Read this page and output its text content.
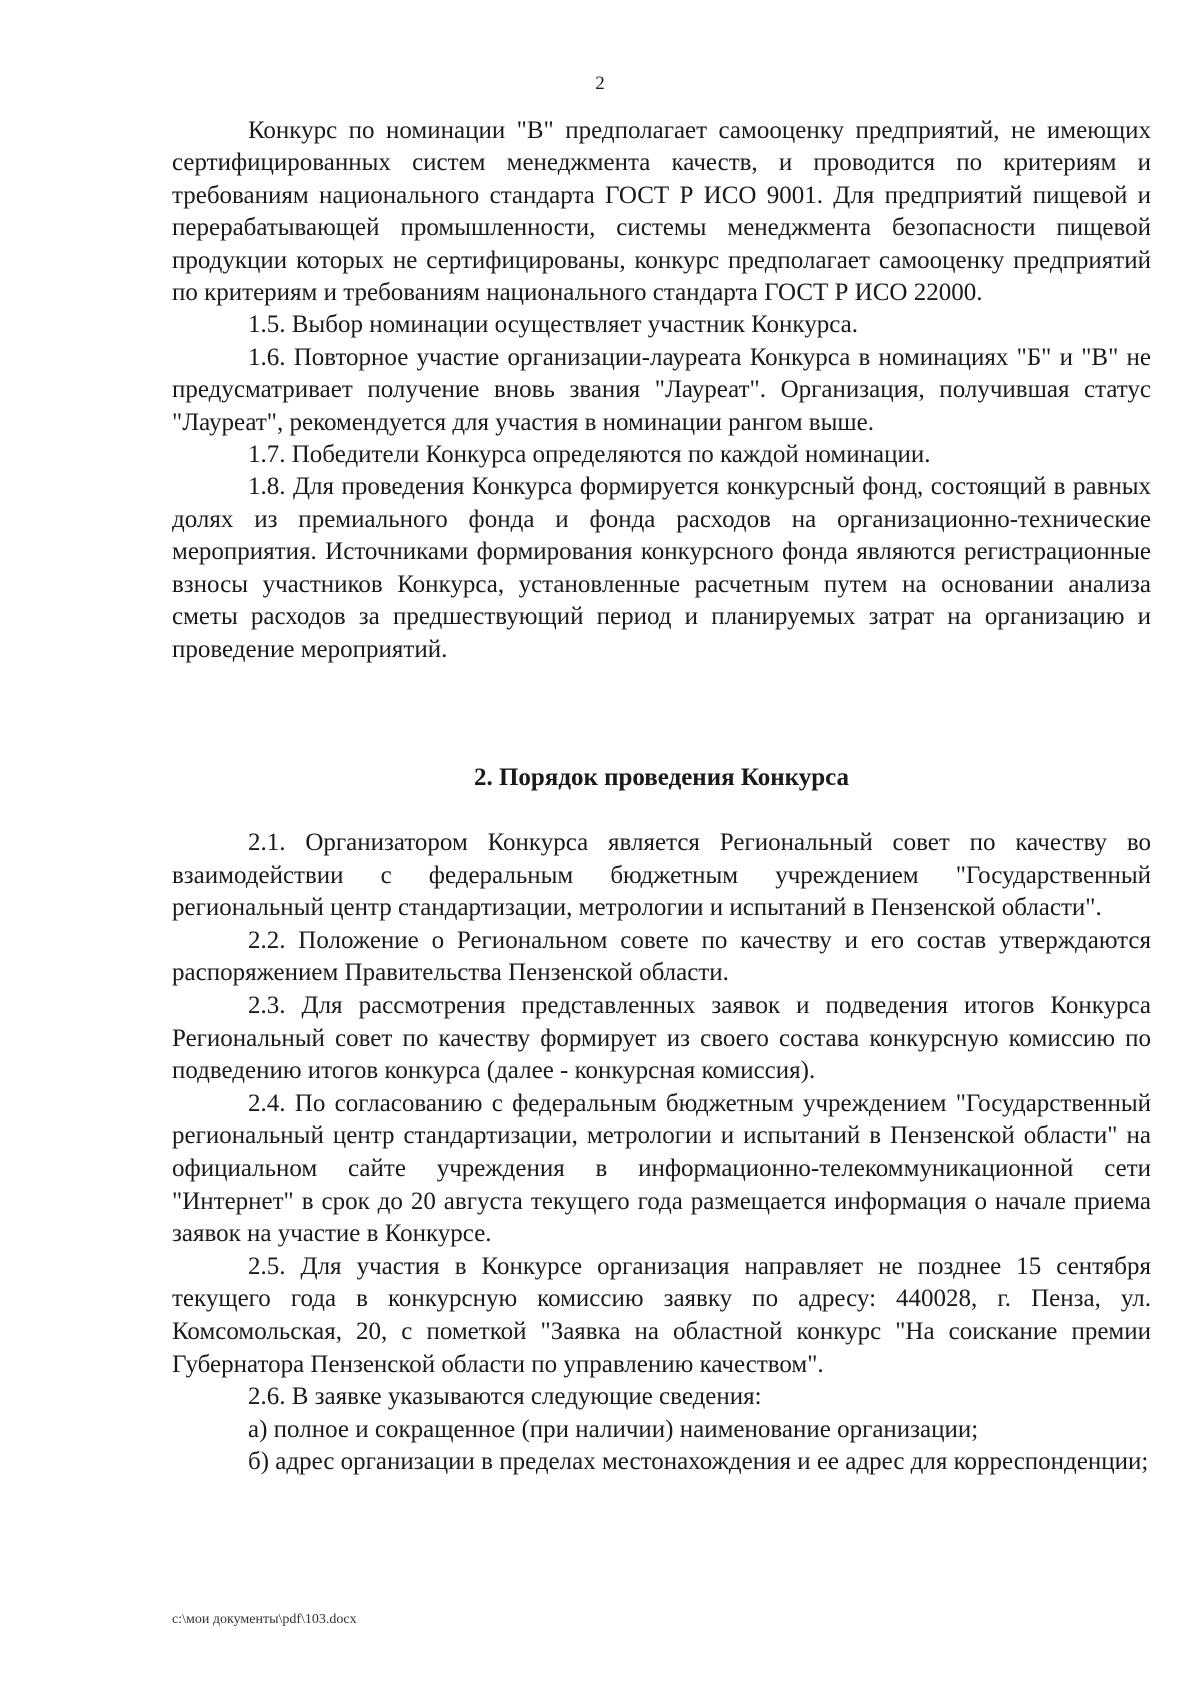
2

Конкурс по номинации "В" предполагает самооценку предприятий, не имеющих сертифицированных систем менеджмента качеств, и проводится по критериям и требованиям национального стандарта ГОСТ Р ИСО 9001. Для предприятий пищевой и перерабатывающей промышленности, системы менеджмента безопасности пищевой продукции которых не сертифицированы, конкурс предполагает самооценку предприятий по критериям и требованиям национального стандарта ГОСТ Р ИСО 22000.

1.5. Выбор номинации осуществляет участник Конкурса.

1.6. Повторное участие организации-лауреата Конкурса в номинациях "Б" и "В" не предусматривает получение вновь звания "Лауреат". Организация, получившая статус "Лауреат", рекомендуется для участия в номинации рангом выше.

1.7. Победители Конкурса определяются по каждой номинации.

1.8. Для проведения Конкурса формируется конкурсный фонд, состоящий в равных долях из премиального фонда и фонда расходов на организационно-технические мероприятия. Источниками формирования конкурсного фонда являются регистрационные взносы участников Конкурса, установленные расчетным путем на основании анализа сметы расходов за предшествующий период и планируемых затрат на организацию и проведение мероприятий.

2. Порядок проведения Конкурса

2.1. Организатором Конкурса является Региональный совет по качеству во взаимодействии с федеральным бюджетным учреждением "Государственный региональный центр стандартизации, метрологии и испытаний в Пензенской области".

2.2. Положение о Региональном совете по качеству и его состав утверждаются распоряжением Правительства Пензенской области.

2.3. Для рассмотрения представленных заявок и подведения итогов Конкурса Региональный совет по качеству формирует из своего состава конкурсную комиссию по подведению итогов конкурса (далее - конкурсная комиссия).

2.4. По согласованию с федеральным бюджетным учреждением "Государственный региональный центр стандартизации, метрологии и испытаний в Пензенской области" на официальном сайте учреждения в информационно-телекоммуникационной сети "Интернет" в срок до 20 августа текущего года размещается информация о начале приема заявок на участие в Конкурсе.

2.5. Для участия в Конкурсе организация направляет не позднее 15 сентября текущего года в конкурсную комиссию заявку по адресу: 440028, г. Пенза, ул. Комсомольская, 20, с пометкой "Заявка на областной конкурс "На соискание премии Губернатора Пензенской области по управлению качеством".

2.6. В заявке указываются следующие сведения:

а) полное и сокращенное (при наличии) наименование организации;

б) адрес организации в пределах местонахождения и ее адрес для корреспонденции;

c:\мои документы\pdf\103.docx
